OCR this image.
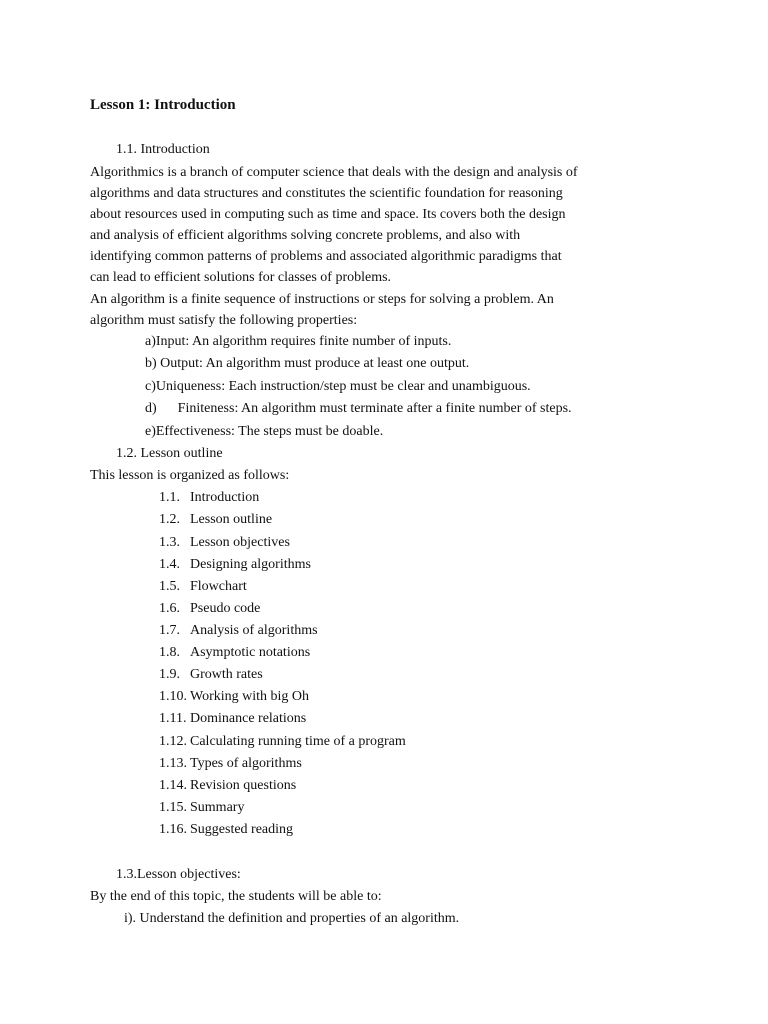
Lesson 1: Introduction
1.1. Introduction
Algorithmics is a branch of computer science that deals with the design and analysis of
algorithms and data structures and constitutes the scientific foundation for reasoning
about resources used in computing such as time and space. Its covers both the design
and analysis of efficient algorithms solving concrete problems, and also with
identifying common patterns of problems and associated algorithmic paradigms that
can lead to efficient solutions for classes of problems.
An algorithm is a finite sequence of instructions or steps for solving a problem. An
algorithm must satisfy the following properties:
a)Input: An algorithm requires finite number of inputs.
b) Output: An algorithm must produce at least one output.
c)Uniqueness: Each instruction/step must be clear and unambiguous.
d)      Finiteness: An algorithm must terminate after a finite number of steps.
e)Effectiveness: The steps must be doable.
1.2. Lesson outline
This lesson is organized as follows:
1.1. Introduction
1.2. Lesson outline
1.3. Lesson objectives
1.4. Designing algorithms
1.5. Flowchart
1.6. Pseudo code
1.7. Analysis of algorithms
1.8. Asymptotic notations
1.9. Growth rates
1.10. Working with big Oh
1.11. Dominance relations
1.12. Calculating running time of a program
1.13. Types of algorithms
1.14. Revision questions
1.15. Summary
1.16. Suggested reading
1.3.Lesson objectives:
By the end of this topic, the students will be able to:
i). Understand the definition and properties of an algorithm.
